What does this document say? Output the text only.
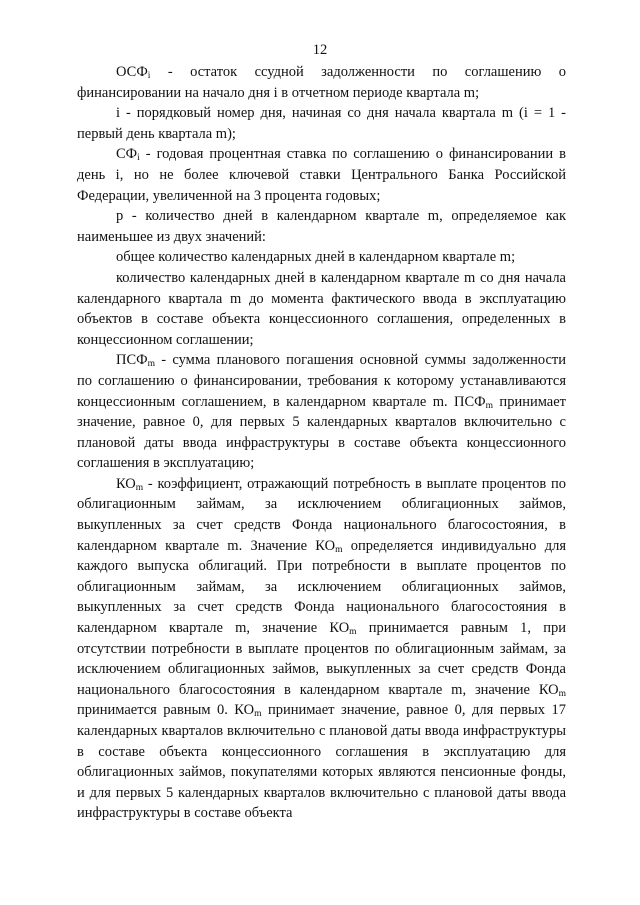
12

$ОСФ_i$ - остаток ссудной задолженности по соглашению о финансировании на начало дня i в отчетном периоде квартала m;

i - порядковый номер дня, начиная со дня начала квартала m (i = 1 - первый день квартала m);

$СФ_i$ - годовая процентная ставка по соглашению о финансировании в день i, но не более ключевой ставки Центрального Банка Российской Федерации, увеличенной на 3 процента годовых;

p - количество дней в календарном квартале m, определяемое как наименьшее из двух значений:

общее количество календарных дней в календарном квартале m;

количество календарных дней в календарном квартале m со дня начала календарного квартала m до момента фактического ввода в эксплуатацию объектов в составе объекта концессионного соглашения, определенных в концессионном соглашении;

$ПСФ_m$ - сумма планового погашения основной суммы задолженности по соглашению о финансировании, требования к которому устанавливаются концессионным соглашением, в календарном квартале m. $ПСФ_m$ принимает значение, равное 0, для первых 5 календарных кварталов включительно с плановой даты ввода инфраструктуры в составе объекта концессионного соглашения в эксплуатацию;

$КО_m$ - коэффициент, отражающий потребность в выплате процентов по облигационным займам, за исключением облигационных займов, выкупленных за счет средств Фонда национального благосостояния, в календарном квартале m. Значение $КО_m$ определяется индивидуально для каждого выпуска облигаций. При потребности в выплате процентов по облигационным займам, за исключением облигационных займов, выкупленных за счет средств Фонда национального благосостояния в календарном квартале m, значение $КО_m$ принимается равным 1, при отсутствии потребности в выплате процентов по облигационным займам, за исключением облигационных займов, выкупленных за счет средств Фонда национального благосостояния в календарном квартале m, значение $КО_m$ принимается равным 0. $КО_m$ принимает значение, равное 0, для первых 17 календарных кварталов включительно с плановой даты ввода инфраструктуры в составе объекта концессионного соглашения в эксплуатацию для облигационных займов, покупателями которых являются пенсионные фонды, и для первых 5 календарных кварталов включительно с плановой даты ввода инфраструктуры в составе объекта
